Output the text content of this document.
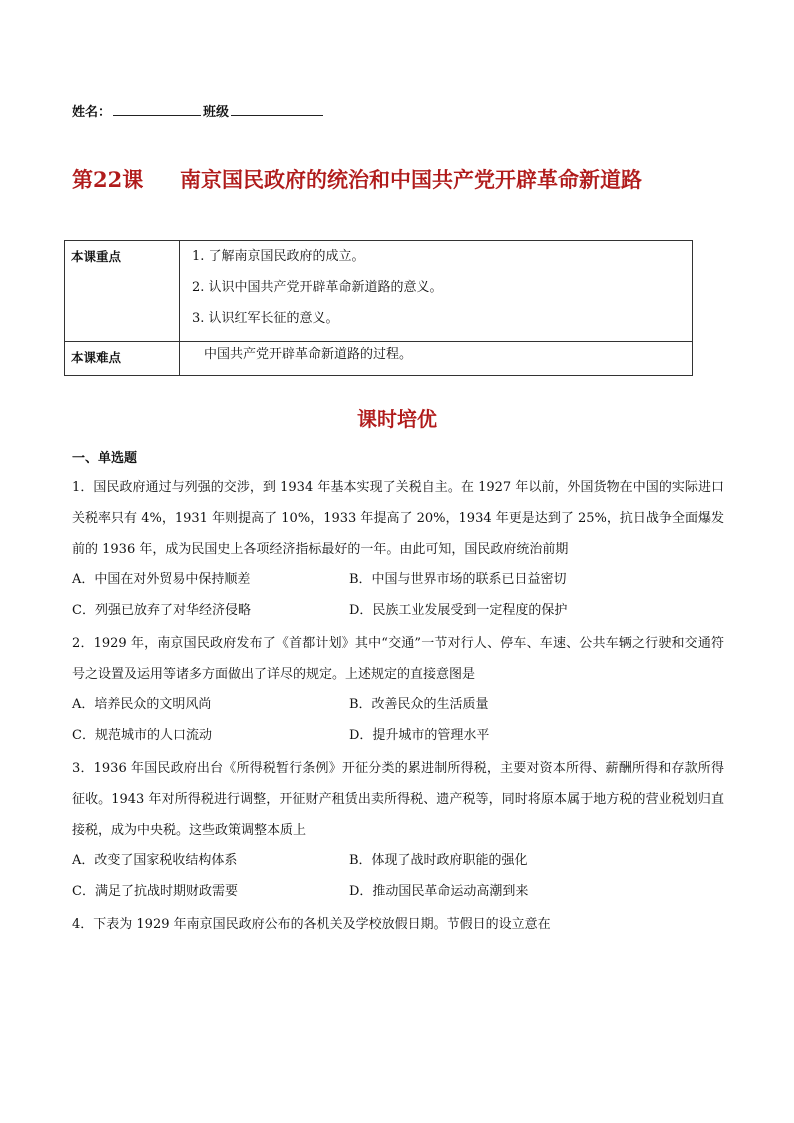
姓名：	班级
第22课 南京国民政府的统治和中国共产党开辟革命新道路
本课重点	1. 了解南京国民政府的成立。
2. 认识中国共产党开辟革命新道路的意义。
3. 认识红军长征的意义。

本课难点	中国共产党开辟革命新道路的过程。
课时培优
一、单选题
1．国民政府通过与列强的交涉，到 1934 年基本实现了关税自主。在 1927 年以前，外国货物在中国的实际进口关税率只有 4%，1931 年则提高了 10%，1933 年提高了 20%，1934 年更是达到了 25%，抗日战争全面爆发前的 1936 年，成为民国史上各项经济指标最好的一年。由此可知，国民政府统治前期
A．中国在对外贸易中保持顺差	B．中国与世界市场的联系已日益密切
C．列强已放弃了对华经济侵略	D．民族工业发展受到一定程度的保护
2．1929 年，南京国民政府发布了《首都计划》其中“交通”一节对行人、停车、车速、公共车辆之行驶和交通符号之设置及运用等诸多方面做出了详尽的规定。上述规定的直接意图是
A．培养民众的文明风尚	B．改善民众的生活质量
C．规范城市的人口流动	D．提升城市的管理水平
3．1936 年国民政府出台《所得税暂行条例》开征分类的累进制所得税，主要对资本所得、薪酬所得和存款所得征收。1943 年对所得税进行调整，开征财产租赁出卖所得税、遗产税等，同时将原本属于地方税的营业税划归直接税，成为中央税。这些政策调整本质上
A．改变了国家税收结构体系	B．体现了战时政府职能的强化
C．满足了抗战时期财政需要	D．推动国民革命运动高潮到来
4．下表为 1929 年南京国民政府公布的各机关及学校放假日期。节假日的设立意在
